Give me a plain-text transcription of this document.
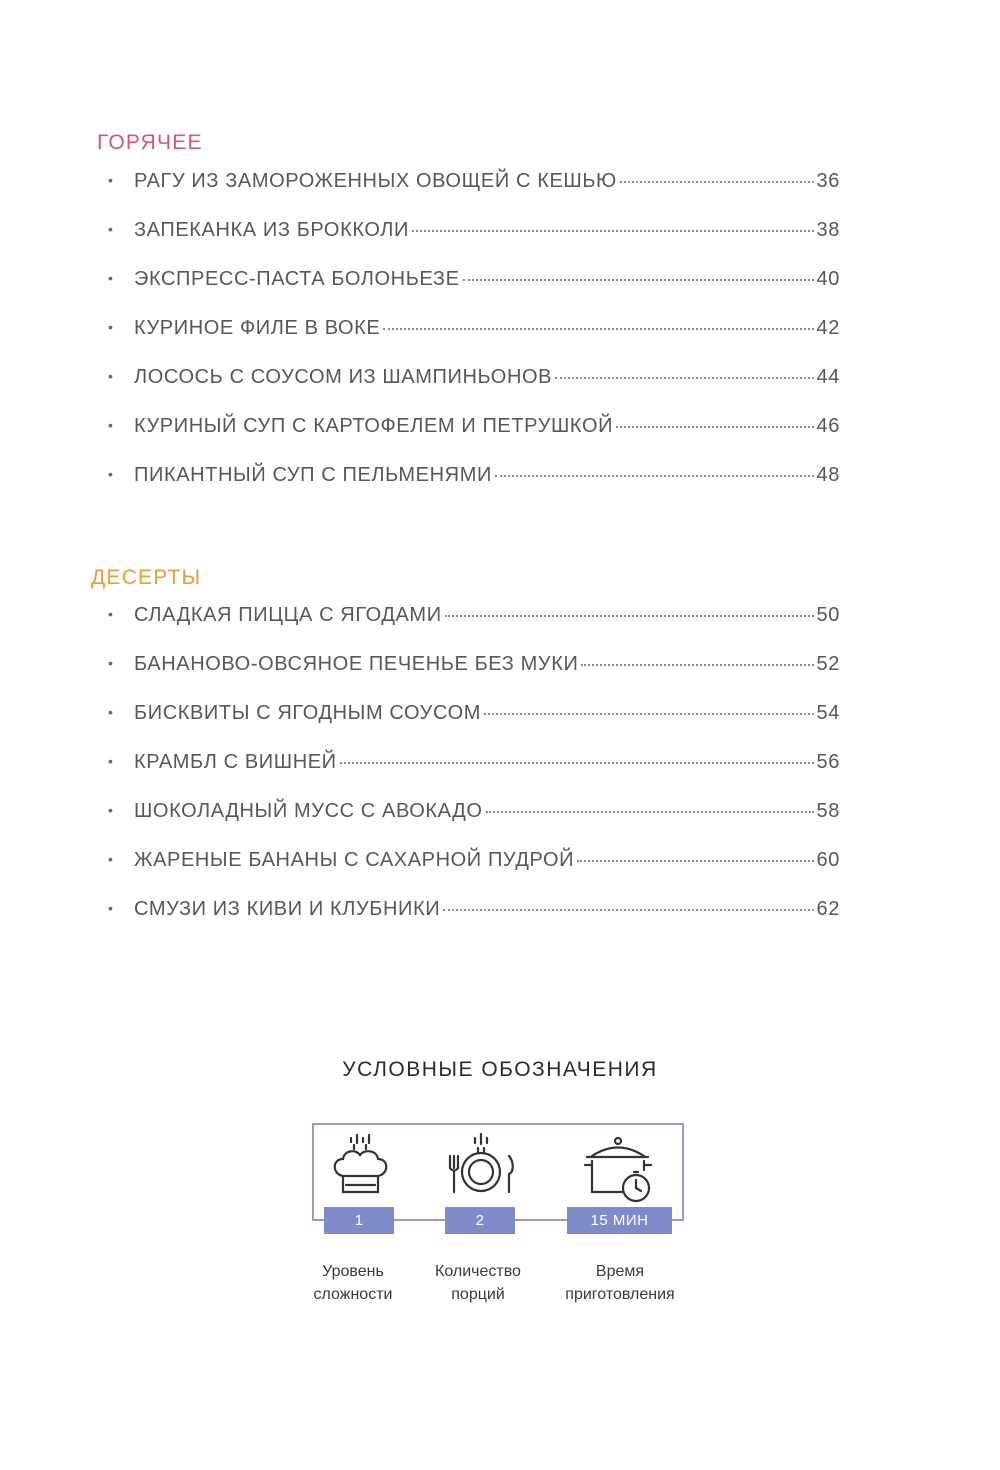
ГОРЯЧЕЕ
•	РАГУ ИЗ ЗАМОРОЖЕННЫХ ОВОЩЕЙ С КЕШЬЮ	36
•	ЗАПЕКАНКА ИЗ БРОККОЛИ	38
•	ЭКСПРЕСС-ПАСТА БОЛОНЬЕЗЕ	40
•	КУРИНОЕ ФИЛЕ В ВОКЕ	42
•	ЛОСОСЬ С СОУСОМ ИЗ ШАМПИНЬОНОВ	44
•	КУРИНЫЙ СУП С КАРТОФЕЛЕМ И ПЕТРУШКОЙ	46
•	ПИКАНТНЫЙ СУП С ПЕЛЬМЕНЯМИ	48
ДЕСЕРТЫ
•	СЛАДКАЯ ПИЦЦА С ЯГОДАМИ	50
•	БАНАНОВО-ОВСЯНОЕ ПЕЧЕНЬЕ БЕЗ МУКИ	52
•	БИСКВИТЫ С ЯГОДНЫМ СОУСОМ	54
•	КРАМБЛ С ВИШНЕЙ	56
•	ШОКОЛАДНЫЙ МУСС С АВОКАДО	58
•	ЖАРЕНЫЕ БАНАНЫ С САХАРНОЙ ПУДРОЙ	60
•	СМУЗИ ИЗ КИВИ И КЛУБНИКИ	62
УСЛОВНЫЕ ОБОЗНАЧЕНИЯ
1	2	15 МИН
Уровень
сложности
Количество
порций
Время
приготовления
